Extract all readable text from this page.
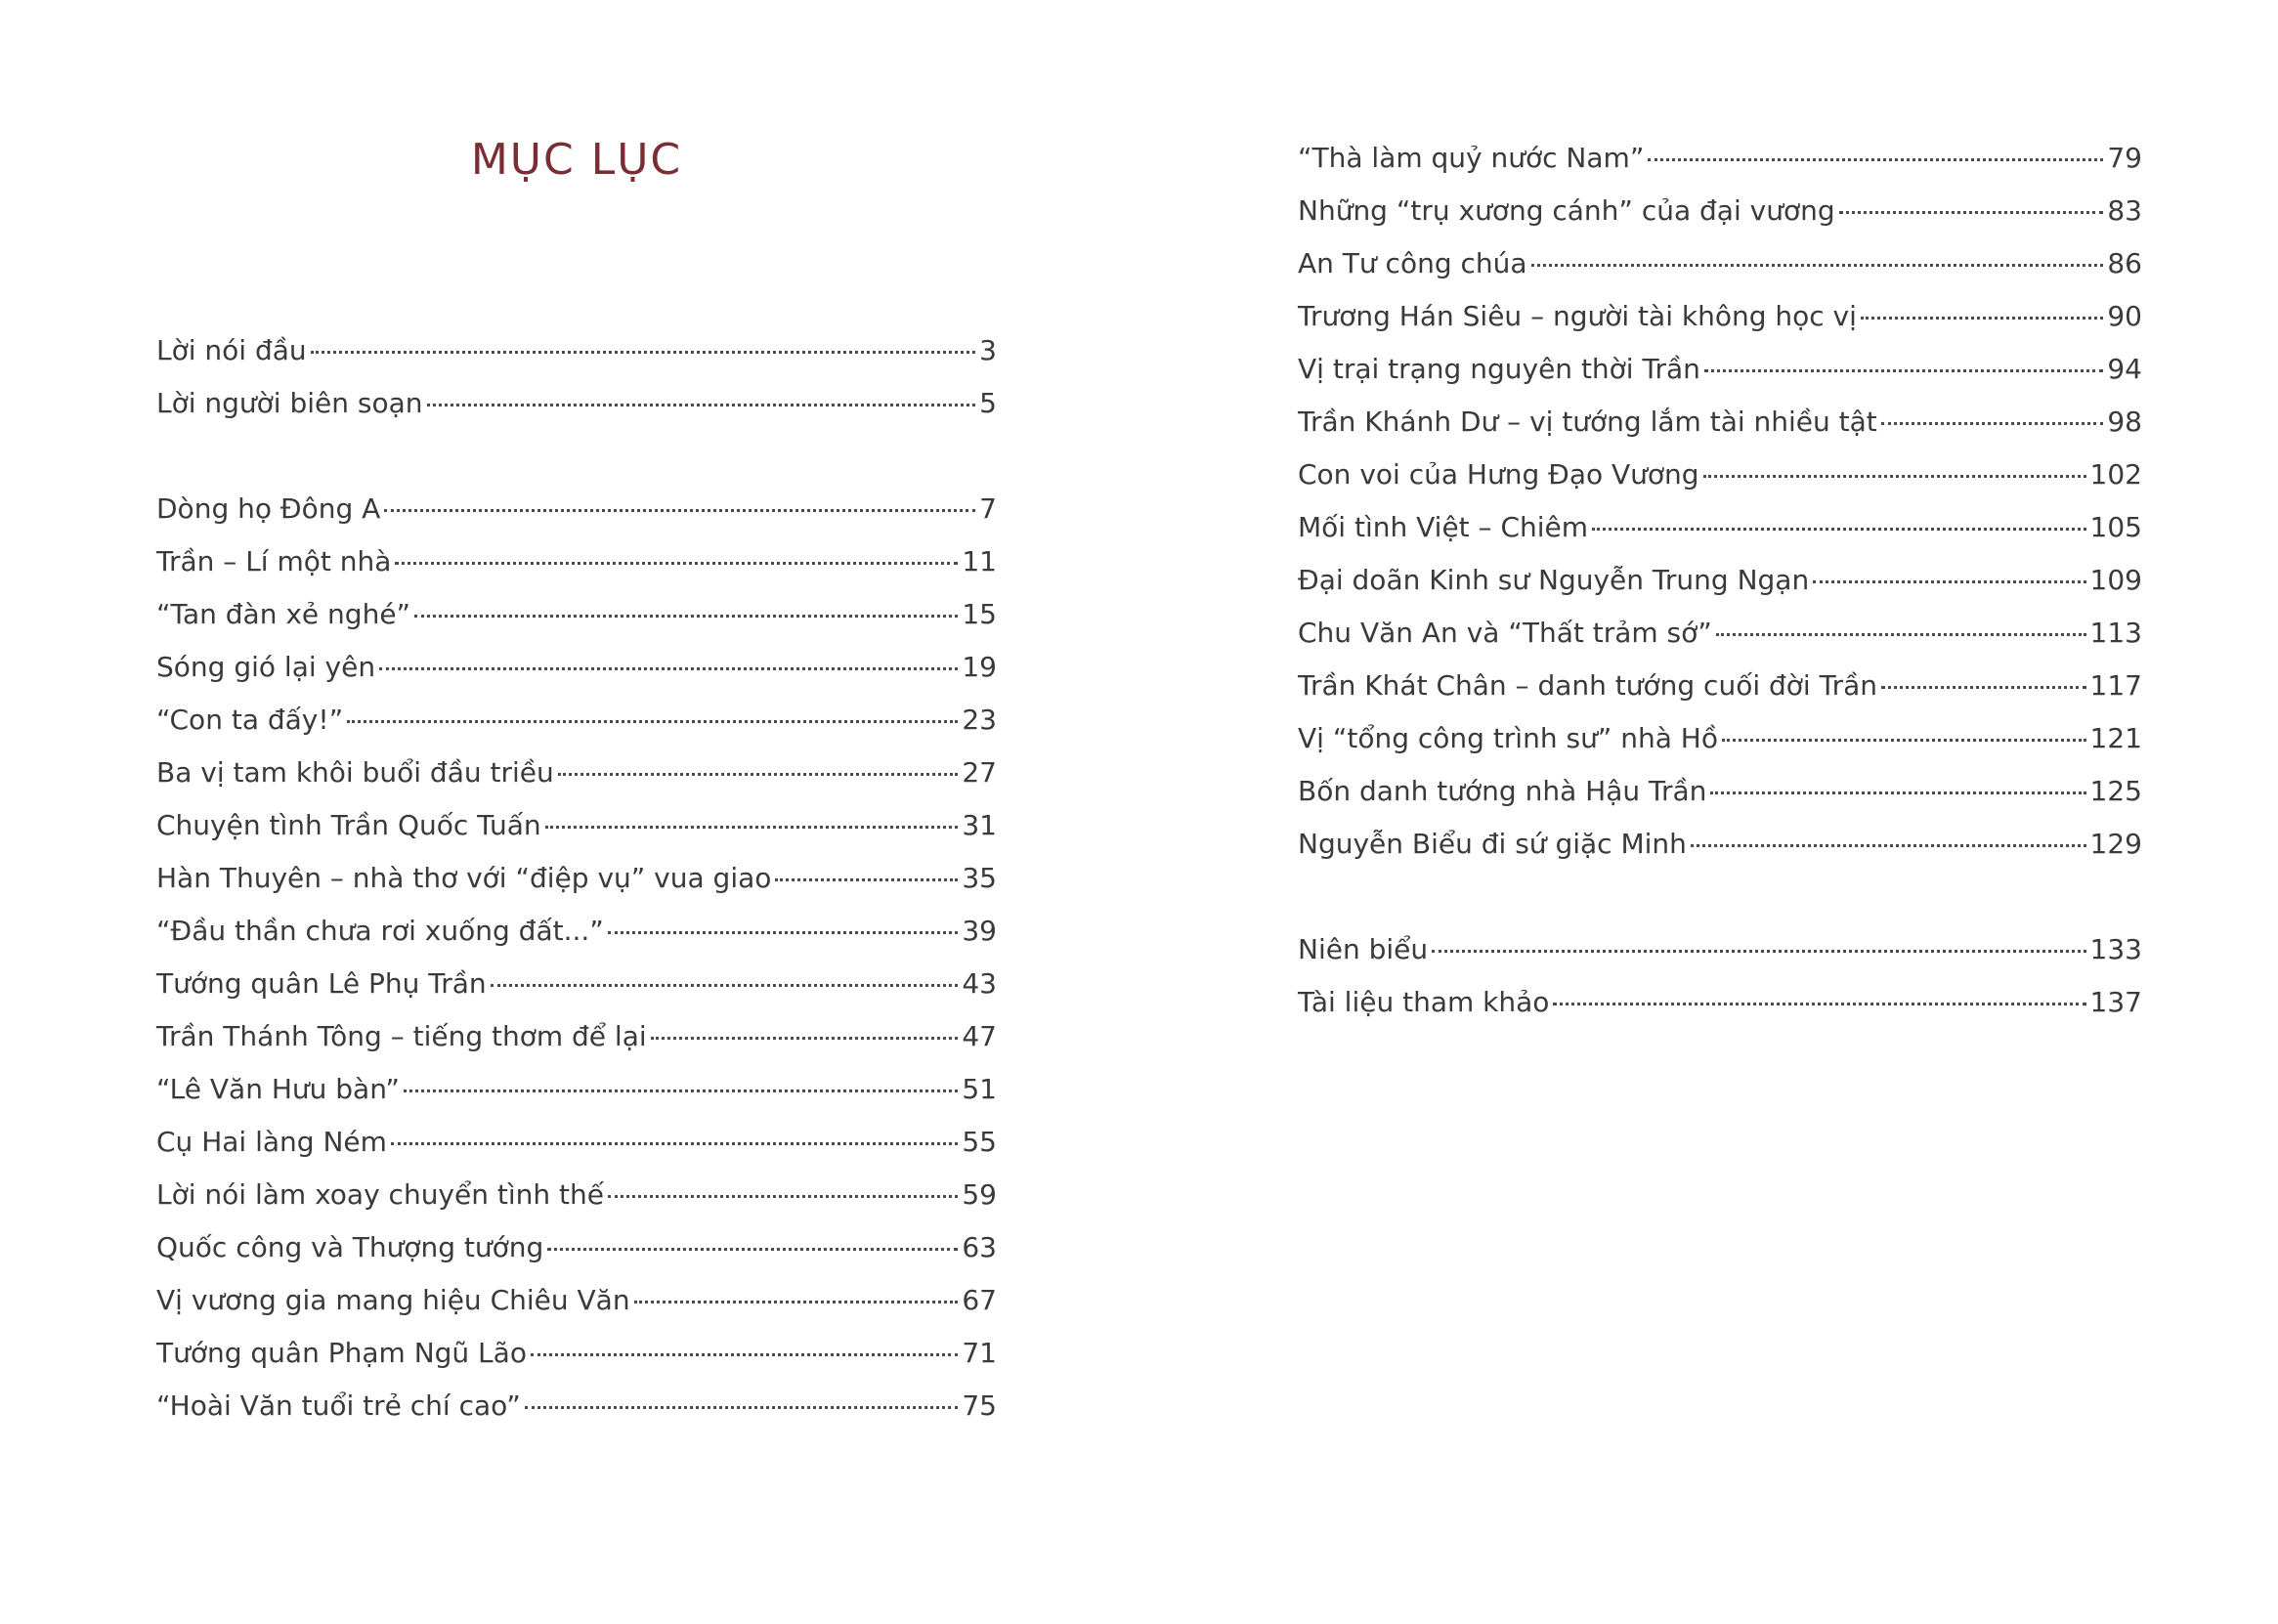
MỤC LỤC
Lời nói đầu	3
Lời người biên soạn	5
Dòng họ Đông A	7
Trần – Lí một nhà	11
“Tan đàn xẻ nghé”	15
Sóng gió lại yên	19
“Con ta đấy!”	23
Ba vị tam khôi buổi đầu triều	27
Chuyện tình Trần Quốc Tuấn	31
Hàn Thuyên – nhà thơ với “điệp vụ” vua giao	35
“Đầu thần chưa rơi xuống đất...”	39
Tướng quân Lê Phụ Trần	43
Trần Thánh Tông – tiếng thơm để lại	47
“Lê Văn Hưu bàn”	51
Cụ Hai làng Ném	55
Lời nói làm xoay chuyển tình thế	59
Quốc công và Thượng tướng	63
Vị vương gia mang hiệu Chiêu Văn	67
Tướng quân Phạm Ngũ Lão	71
“Hoài Văn tuổi trẻ chí cao”	75
“Thà làm quỷ nước Nam”	79
Những “trụ xương cánh” của đại vương	83
An Tư công chúa	86
Trương Hán Siêu – người tài không học vị	90
Vị trại trạng nguyên thời Trần	94
Trần Khánh Dư – vị tướng lắm tài nhiều tật	98
Con voi của Hưng Đạo Vương	102
Mối tình Việt – Chiêm	105
Đại doãn Kinh sư Nguyễn Trung Ngạn	109
Chu Văn An và “Thất trảm sớ”	113
Trần Khát Chân – danh tướng cuối đời Trần	117
Vị “tổng công trình sư” nhà Hồ	121
Bốn danh tướng nhà Hậu Trần	125
Nguyễn Biểu đi sứ giặc Minh	129
Niên biểu	133
Tài liệu tham khảo	137
